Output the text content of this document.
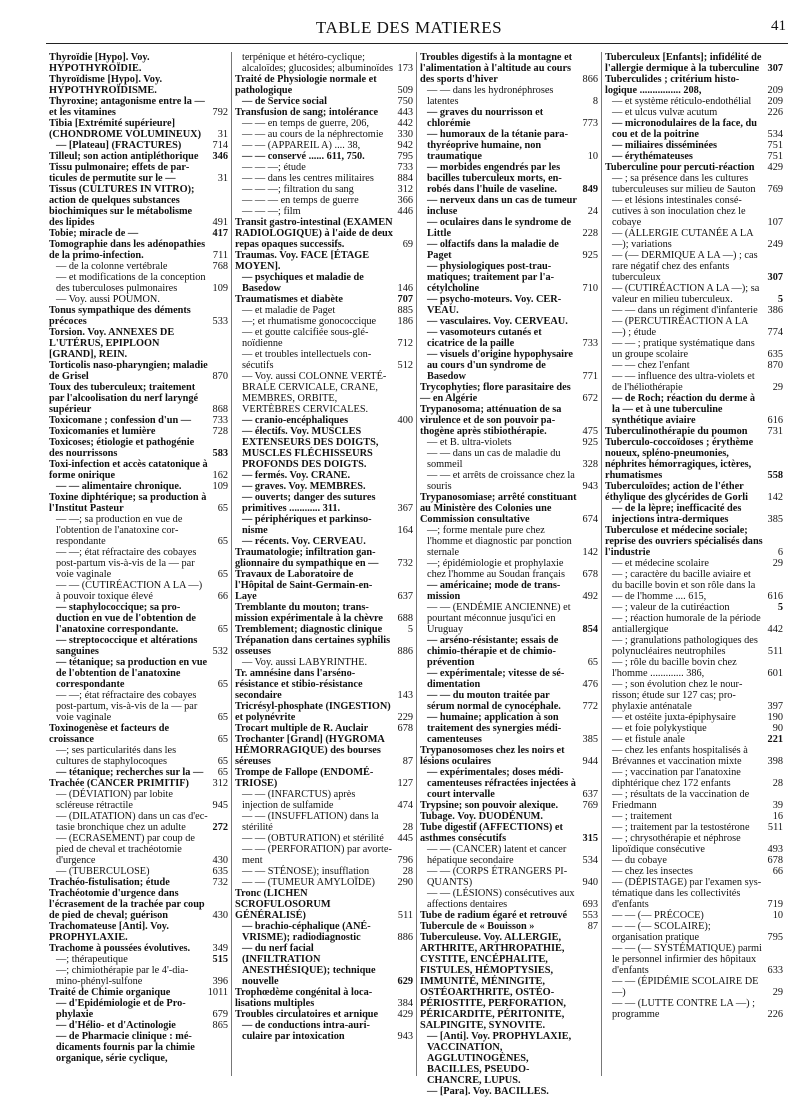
TABLE DES MATIERES	41
Thyroïdie [Hypo]. Voy. HYPOTHYROÏDIE.
Thyroïdisme [Hypo]. Voy. HYPOTHYROÏDISME.
Thyroxine; antagonisme entre la — et les vitamines	792
Tibia [Extrémité supérieure] (CHONDROME VOLUMINEUX)	31
— [Plateau] (FRACTURES)	714
Tilleul; son action antipléthorique	346
Tissu pulmonaire; effets de particules de permutite sur le —	31
Tissus (CULTURES IN VITRO); action de quelques substances biochimiques sur le métabolisme des lipides	491
Tobie; miracle de —	417
Tomographie dans les adénopathies de la primo-infection.	711
— de la colonne vertébrale	768
— et modifications de la conception des tuberculoses pulmonaires	109
— Voy. aussi POUMON.
Tonus sympathique des déments précoces	533
Torsion. Voy. ANNEXES DE L'UTÉRUS, EPIPLOON [GRAND], REIN.
Torticolis naso-pharyngien; maladie de Grisel	870
Toux des tuberculeux; traitement par l'alcoolisation du nerf laryngé supérieur	868
Toxicomane ; confession d'un —	733
Toxicomanies et lumière	728
Toxicoses; étiologie et pathogénie des nourrissons	583
Toxi-infection et accès catatonique à forme onirique	162
— — alimentaire chronique.	109
Toxine diphtérique; sa production à l'Institut Pasteur	65
— —; sa production en vue de l'obtention de l'anatoxine correspondante	65
— —; état réfractaire des cobayes post-partum vis-à-vis de la — par voie vaginale	65
— — (CUTIRÉACTION A LA —) à pouvoir toxique élevé	66
— staphylococcique; sa production en vue de l'obtention de l'anatoxine correspondante.	65
— streptococcique et altérations sanguines	532
— tétanique; sa production en vue de l'obtention de l'anatoxine correspondante	65
— —; état réfractaire des cobayes post-partum, vis-à-vis de la — par voie vaginale	65
Toxinogenèse et facteurs de croissance	65
—; ses particularités dans les cultures de staphylocoques	65
— tétanique; recherches sur la —	65
Trachée (CANCER PRIMITIF)	312
— (DÉVIATION) par lobite scléreuse rétractile	945
— (DILATATION) dans un cas d'ectasie bronchique chez un adulte	272
— (ECRASEMENT) par coup de pied de cheval et trachéotomie d'urgence	430
— (TUBERCULOSE)	635
Trachéo-fistulisation; étude	732
Trachéotomie d'urgence dans l'écrasement de la trachée par coup de pied de cheval; guérison	430
Trachomateuse [Anti]. Voy. PROPHYLAXIE.
Trachome à poussées évolutives.	349
—; thérapeutique	515
—; chimiothérapie par le 4'-diamino-phényl-sulfone	396
Traité de Chimie organique	1011
— d'Epidémiologie et de Prophylaxie	679
— d'Hélio- et d'Actinologie	865
— de Pharmacie clinique : médicaments fournis par la chimie organique, série cyclique,
terpénique et hétéro-cyclique; alcaloïdes; glucosides; albuminoïdes 173
Traité de Physiologie normale et pathologique	509
— de Service social	750
Transfusion de sang; intolérance	443
— — en temps de guerre, 206,	442
— — au cours de la néphrectomie	330
— — (APPAREIL A) .... 38,	942
— — conservé ...... 611, 750.	795
— — —; étude	733
— — dans les centres militaires	884
— — —; filtration du sang	312
— — — en temps de guerre	366
— — —; film	446
Transit gastro-intestinal (EXAMEN RADIOLOGIQUE) à l'aide de deux repas opaques successifs.	69
Traumas. Voy. FACE [ÉTAGE MOYEN].
— psychiques et maladie de Basedow	146
Traumatismes et diabète	707
— et maladie de Paget	885
—; et rhumatisme gonococcique	186
— et goutte calcifiée sous-glénoïdienne	712
— et troubles intellectuels consécutifs	512
— Voy. aussi COLONNE VERTÉBRALE CERVICALE, CRANE, MEMBRES, ORBITE, VERTÈBRES CERVICALES.
— cranio-encéphaliques	400
— électifs. Voy. MUSCLES EXTENSEURS DES DOIGTS, MUSCLES FLÉCHISSEURS PROFONDS DES DOIGTS.
— fermés. Voy. CRANE.
— graves. Voy. MEMBRES.
— ouverts; danger des sutures primitives ............ 311.	367
— périphériques et parkinsonisme	164
— récents. Voy. CERVEAU.
Traumatologie; infiltration ganglionnaire du sympathique en —	732
Travaux de Laboratoire de l'Hôpital de Saint-Germain-en-Laye	637
Tremblante du mouton; transmission expérimentale à la chèvre	688
Tremblement; diagnostic clinique	5
Trépanation dans certaines syphilis osseuses	886
— Voy. aussi LABYRINTHE.
Tr. amnésine dans l'arsénorésistance et stibio-résistance secondaire	143
Tricrésyl-phosphate (INGESTION) et polynévrite	229
Trocart multiple de R. Auclair	678
Trochanter [Grand] (HYGROMA HÉMORRAGIQUE) des bourses séreuses	87
Trompe de Fallope (ENDOMÉTRIOSE)	127
— — (INFARCTUS) après injection de sulfamide	474
— — (INSUFFLATION) dans la stérilité	28
— — (OBTURATION) et stérilité	445
— — (PERFORATION) par avortement	796
— — STÉNOSE); insufflation	28
— — (TUMEUR AMYLOÏDE)	290
Tronc (LICHEN SCROFULOSORUM GÉNÉRALISÉ)	511
— brachio-céphalique (ANÉVRISME); radiodiagnostic	886
— du nerf facial (INFILTRATION ANESTHÉSIQUE); technique nouvelle	629
Trophœdème congénital à localisations multiples	384
Troubles circulatoires et arnique	429
— de conductions intra-auriculaire par intoxication	943
Troubles digestifs à la montagne et l'alimentation à l'altitude au cours des sports d'hiver	866
— — dans les hydronéphroses latentes	8
— graves du nourrisson et chlorémie	773
— humoraux de la tétanie parathyréoprive humaine, non traumatique	10
— morbides engendrés par les bacilles tuberculeux morts, enrobés dans l'huile de vaseline.	849
— nerveux dans un cas de tumeur incluse	24
— oculaires dans le syndrome de Little	228
— olfactifs dans la maladie de Paget	925
— physiologiques post-traumatiques; traitement par l'acétylcholine	710
— psycho-moteurs. Voy. CERVEAU.
— vasculaires. Voy. CERVEAU.
— vasomoteurs cutanés et cicatrice de la paille	733
— visuels d'origine hypophysaire au cours d'un syndrome de Basedow	771
Trycophyties; flore parasitaire des — en Algérie	672
Trypanosoma; atténuation de sa virulence et de son pouvoir pathogène après stibiothérapie.	475
— et B. ultra-violets	925
— — dans un cas de maladie du sommeil	328
— — et arrêts de croissance chez la souris	943
Trypanosomiase; arrêté constituant au Ministère des Colonies une Commission consultative	674
—; forme mentale pure chez l'homme et diagnostic par ponction sternale	142
—; épidémiologie et prophylaxie chez l'homme au Soudan français	678
— américaine; mode de transmission	492
— — (ENDÉMIE ANCIENNE) et pourtant méconnue jusqu'ici en Uruguay	854
— arséno-résistante; essais de chimio-thérapie et de chimioprévention	65
— expérimentale; vitesse de sédimentation	476
— — du mouton traitée par sérum normal de cynocéphale.	772
— humaine; application à son traitement des synergies médicamenteuses	385
Trypanosomoses chez les noirs et lésions oculaires	944
— expérimentales; doses médicamenteuses réfractées injectées à court intervalle	637
Trypsine; son pouvoir alexique.	769
Tubage. Voy. DUODÉNUM.
Tube digestif (AFFECTIONS) et asthmes consécutifs	315
— — (CANCER) latent et cancer hépatique secondaire	534
— — (CORPS ÉTRANGERS PIQUANTS)	940
— — (LÉSIONS) consécutives aux affections dentaires	693
Tube de radium égaré et retrouvé	553
Tubercule de « Bouisson »	87
Tuberculeuse. Voy. ALLERGIE, ARTHRITE, ARTHROPATHIE, CYSTITE, ENCÉPHALITE, FISTULES, HÉMOPTYSIES, IMMUNITÉ, MÉNINGITE, OSTÉOARTHRITE, OSTÉOPÉRIOSTITE, PERFORATION, PÉRICARDITE, PÉRITONITE, SALPINGITE, SYNOVITE.
— [Anti]. Voy. PROPHYLAXIE, VACCINATION, AGGLUTINOGÈNES, BACILLES, PSEUDO-CHANCRE, LUPUS.
— [Para]. Voy. BACILLES.
Tuberculeux [Enfants]; infidélité de l'allergie dermique à la tuberculine 307
Tuberculides ; critérium histologique ................ 208,	209
— et système réticulo-endothélial	209
— et ulcus vulvæ acutum	226
— micronodulaires de la face, du cou et de la poitrine	534
— miliaires disséminées	751
— érythémateuses	751
Tuberculine pour percuti-réaction	429
— ; sa présence dans les cultures tuberculeuses sur milieu de Sauton	769
— et lésions intestinales consécutives à son inoculation chez le cobaye	107
— (ALLERGIE CUTANÉE A LA —); variations	249
— (— DERMIQUE A LA —) ; cas rare négatif chez des enfants tuberculeux	307
— (CUTIRÉACTION A LA —); sa valeur en milieu tuberculeux.	5
— — dans un régiment d'infanterie 386
— (PERCUTIRÉACTION A LA —) ; étude	774
— — ; pratique systématique dans un groupe scolaire	635
— — chez l'enfant	870
— — influence des ultra-violets et de l'héliothérapie	29
— de Roch; réaction du derme à la — et à une tuberculine synthétique aviaire	616
Tuberculinothérapie du poumon	731
Tuberculo-coccoïdoses ; érythème noueux, spléno-pneumonies, néphrites hémorragiques, ictères, rhumatismes	558
Tuberculoïdes; action de l'éther éthylique des glycérides de Gorli	142
— de la lèpre; inefficacité des injections intra-dermiques	385
Tuberculose et médecine sociale; reprise des ouvriers spécialisés dans l'industrie	6
— et médecine scolaire	29
— ; caractère du bacille aviaire et du bacille bovin et son rôle dans la — de l'homme .... 615,	616
— ; valeur de la cutiréaction	5
— ; réaction humorale de la période antiallergique	442
— ; granulations pathologiques des polynucléaires neutrophiles	511
— ; rôle du bacille bovin chez l'homme ............. 386,	601
— ; son évolution chez le nourrisson; étude sur 127 cas; prophylaxie anténatale	397
— et ostéite juxta-épiphysaire	190
— et foie polykystique	90
— et fistule anale	221
— chez les enfants hospitalisés à Brévannes et vaccination mixte	398
— ; vaccination par l'anatoxine diphtérique chez 172 enfants	28
— ; résultats de la vaccination de Friedmann	39
— ; traitement	16
— ; traitement par la testostérone	511
— ; chrysothérapie et néphrose lipoïdique consécutive	493
— du cobaye	678
— chez les insectes	66
— (DÉPISTAGE) par l'examen systématique dans les collectivités d'enfants	719
— — (— PRÉCOCE)	10
— — (— SCOLAIRE); organisation pratique	795
— — (— SYSTÉMATIQUE) parmi le personnel infirmier des hôpitaux d'enfants	633
— — (ÉPIDÉMIE SCOLAIRE DE —)	29
— — (LUTTE CONTRE LA —) ; programme	226
